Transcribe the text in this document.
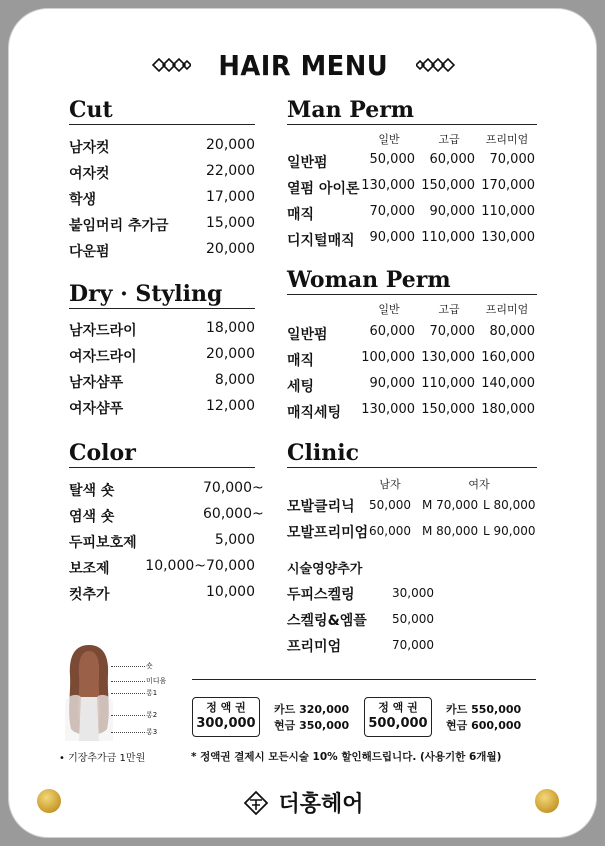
HAIR MENU
Cut
남자컷	20,000
여자컷	22,000
학생	17,000
붙임머리 추가금	15,000
다운펌	20,000
Dry · Styling
남자드라이	18,000
여자드라이	20,000
남자샴푸	8,000
여자샴푸	12,000
Color
탈색 숏	70,000~
염색 숏	60,000~
두피보호제	5,000
보조제	10,000~70,000
컷추가	10,000
Man Perm
일반	고급	프리미엄
일반펌	50,000	60,000	70,000
열펌 아이론 130,000 150,000 170,000
매직	70,000	90,000 110,000
디지털매직	90,000 110,000 130,000
Woman Perm
일반	고급	프리미엄
일반펌	60,000	70,000	80,000
매직	100,000 130,000 160,000
세팅	90,000 110,000 140,000
매직세팅	130,000 150,000 180,000
Clinic
남자	여자
모발클리닉 50,000 M 70,000 L 80,000
모발프리미엄 60,000 M 80,000 L 90,000
시술영양추가
두피스켈링	30,000
스켈링&엠플 50,000
프리미엄	70,000
숏
미디움
롱1
롱2
롱3
• 기장추가금 1만원
정 액 권
300,000
카드 320,000
현금 350,000
정 액 권
500,000
카드 550,000
현금 600,000
* 정액권 결제시 모든시술 10% 할인해드립니다. (사용기한 6개월)
더홍헤어
